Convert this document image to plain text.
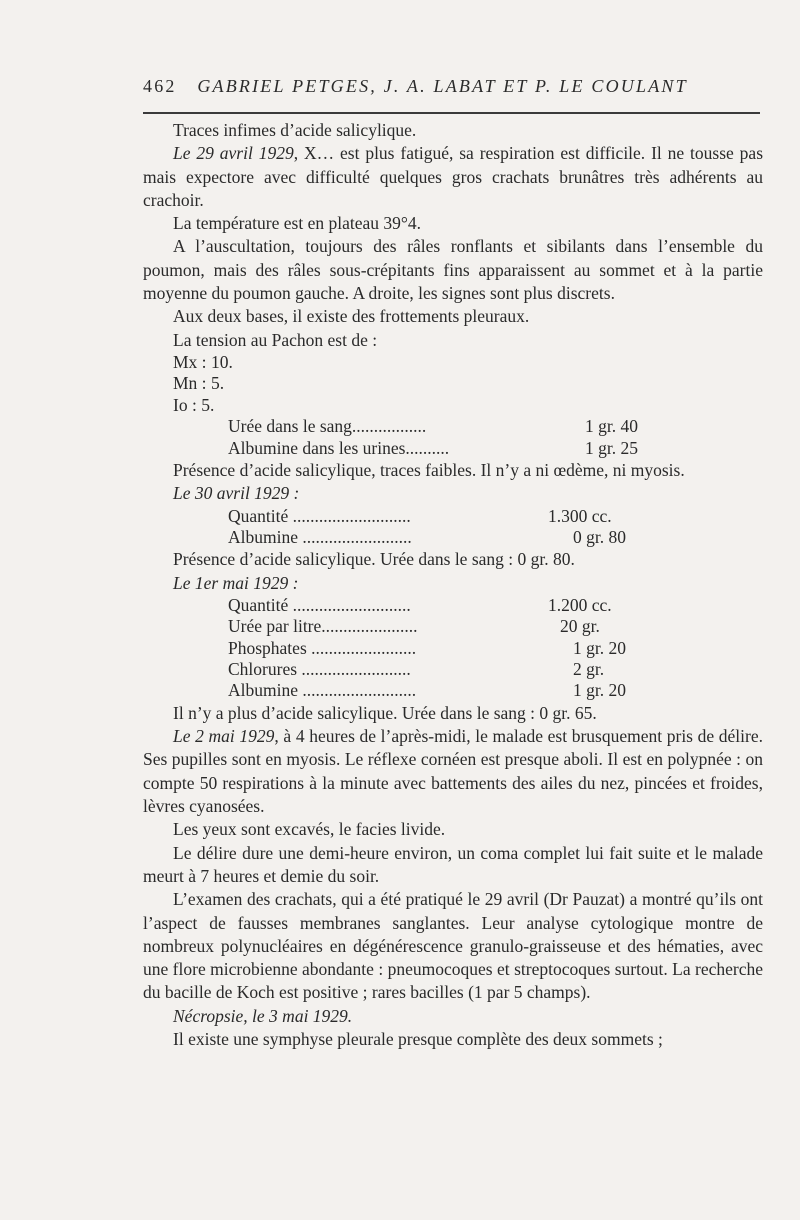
462 GABRIEL PETGES, J. A. LABAT ET P. LE COULANT

Traces infimes d’acide salicylique.

Le 29 avril 1929, X… est plus fatigué, sa respiration est difficile. Il ne tousse pas mais expectore avec difficulté quelques gros crachats brunâtres très adhérents au crachoir.

La température est en plateau 39°4.

A l’auscultation, toujours des râles ronflants et sibilants dans l’ensemble du poumon, mais des râles sous-crépitants fins apparaissent au sommet et à la partie moyenne du poumon gauche. A droite, les signes sont plus discrets.

Aux deux bases, il existe des frottements pleuraux.

La tension au Pachon est de :

Mx : 10.
Mn : 5.
Io : 5.
Urée dans le sang.................	1 gr. 40
Albumine dans les urines..........	1 gr. 25

Présence d’acide salicylique, traces faibles. Il n’y a ni œdème, ni myosis.

Le 30 avril 1929 :

Quantité ...........................	1.300 cc.
Albumine .........................	0 gr. 80

Présence d’acide salicylique. Urée dans le sang : 0 gr. 80.

Le 1er mai 1929 :

Quantité ...........................	1.200 cc.
Urée par litre......................	20 gr.
Phosphates ........................	1 gr. 20
Chlorures .........................	2 gr.
Albumine ..........................	1 gr. 20

Il n’y a plus d’acide salicylique. Urée dans le sang : 0 gr. 65.

Le 2 mai 1929, à 4 heures de l’après-midi, le malade est brusquement pris de délire. Ses pupilles sont en myosis. Le réflexe cornéen est presque aboli. Il est en polypnée : on compte 50 respirations à la minute avec battements des ailes du nez, pincées et froides, lèvres cyanosées.

Les yeux sont excavés, le facies livide.

Le délire dure une demi-heure environ, un coma complet lui fait suite et le malade meurt à 7 heures et demie du soir.

L’examen des crachats, qui a été pratiqué le 29 avril (Dr Pauzat) a montré qu’ils ont l’aspect de fausses membranes sanglantes. Leur analyse cytologique montre de nombreux polynucléaires en dégénérescence granulo-graisseuse et des hématies, avec une flore microbienne abondante : pneumocoques et streptocoques surtout. La recherche du bacille de Koch est positive ; rares bacilles (1 par 5 champs).

Nécropsie, le 3 mai 1929.

Il existe une symphyse pleurale presque complète des deux sommets ;
